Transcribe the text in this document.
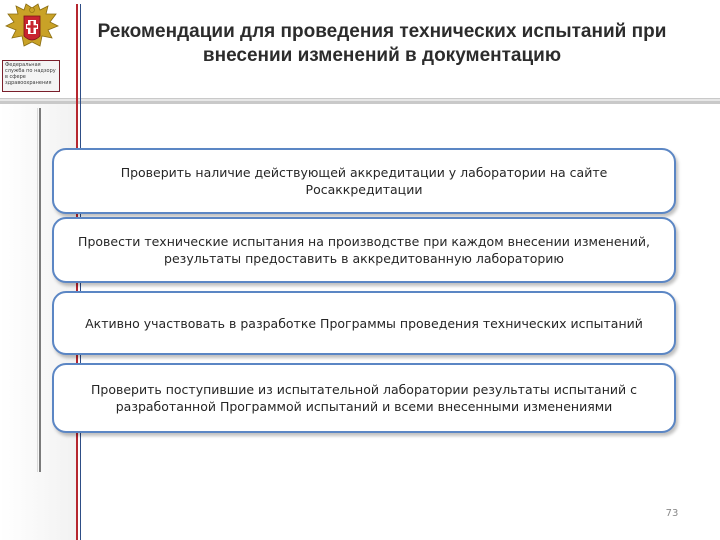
Федеральная служба по надзору в сфере здравоохранения
Рекомендации для проведения технических испытаний при внесении изменений в документацию
Проверить наличие действующей аккредитации у лаборатории на сайте Росаккредитации
Провести технические испытания на производстве при каждом внесении изменений, результаты предоставить в аккредитованную лабораторию
Активно участвовать в разработке Программы проведения технических испытаний
Проверить поступившие из испытательной лаборатории результаты испытаний с разработанной Программой испытаний и всеми внесенными изменениями
73
